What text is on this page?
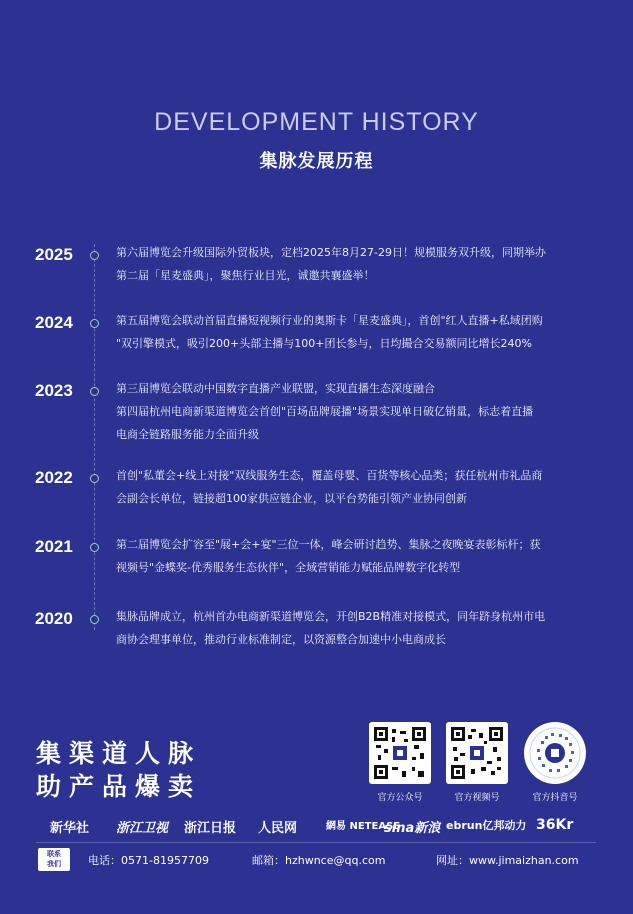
DEVELOPMENT HISTORY
集脉发展历程
2025	第六届博览会升级国际外贸板块，定档2025年8月27-29日！规模服务双升级，同期举办

第二届「星麦盛典」，聚焦行业目光，诚邀共襄盛举！

2024	第五届博览会联动首届直播短视频行业的奥斯卡「星麦盛典」，首创"红人直播+私域团购

"双引擎模式，吸引200+头部主播与100+团长参与，日均撮合交易额同比增长240%

2023	第三届博览会联动中国数字直播产业联盟，实现直播生态深度融合

第四届杭州电商新渠道博览会首创"百场品牌展播"场景实现单日破亿销量，标志着直播

电商全链路服务能力全面升级

2022	首创"私董会+线上对接"双线服务生态，覆盖母婴、百货等核心品类；获任杭州市礼品商

会副会长单位，链接超100家供应链企业，以平台势能引领产业协同创新

2021	第二届博览会扩容至"展+会+宴"三位一体，峰会研讨趋势、集脉之夜晚宴表彰标杆；获

视频号"金蝶奖-优秀服务生态伙伴"，全域营销能力赋能品牌数字化转型

2020	集脉品牌成立，杭州首办电商新渠道博览会，开创B2B精准对接模式，同年跻身杭州市电

商协会理事单位，推动行业标准制定，以资源整合加速中小电商成长

集渠道人脉
助产品爆卖	官方公众号	官方视频号	官方抖音号
新华社 浙江卫视 浙江日报 人民网	網易 NETEASE
sina新浪 ebrun亿邦动力 36Kr
联系
我们	电话：0571-81957709	邮箱：hzhwnce@qq.com	网址：www.jimaizhan.com
